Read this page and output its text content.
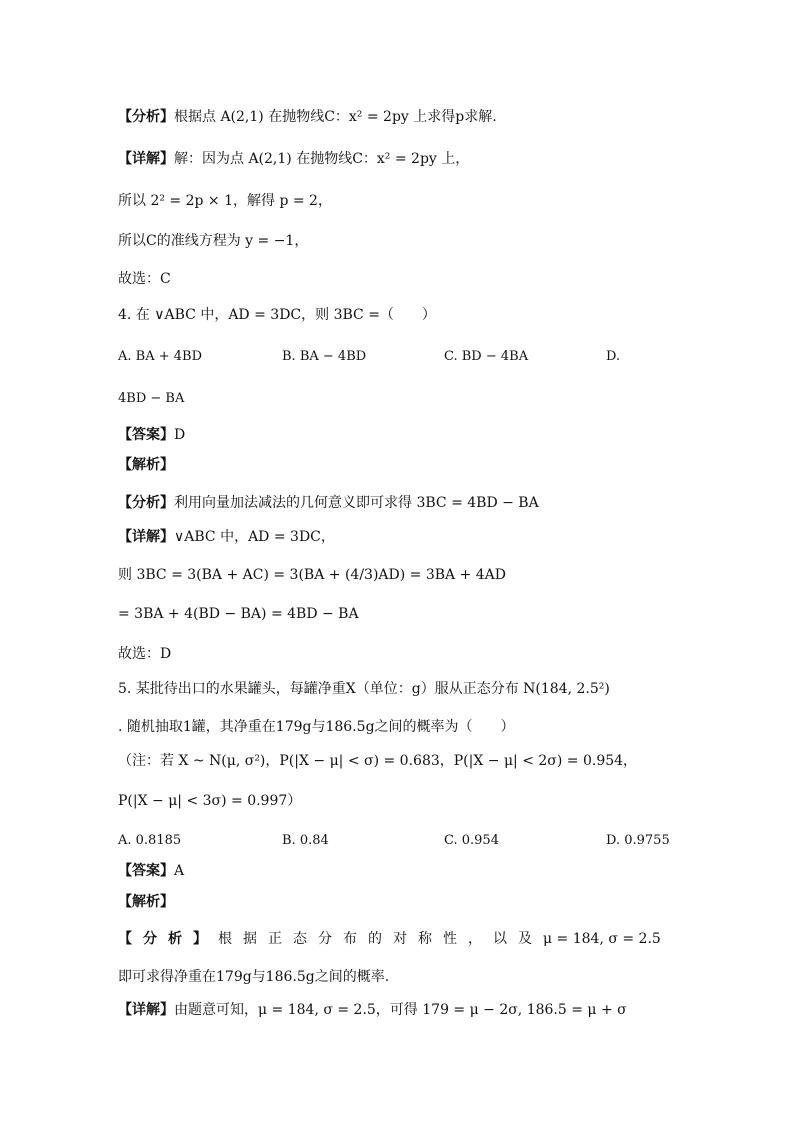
【分析】根据点 A(2,1) 在抛物线C：x² = 2py 上求得p求解.
【详解】解：因为点 A(2,1) 在抛物线C：x² = 2py 上，
所以 2² = 2p × 1，解得 p = 2，
所以C的准线方程为 y = −1，
故选：C
4. 在 ∨ABC 中，AD = 3DC，则 3BC =（　　）
A. BA + 4BD	B. BA − 4BD	C. BD − 4BA	D.
4BD − BA
【答案】D
【解析】
【分析】利用向量加法减法的几何意义即可求得 3BC = 4BD − BA
【详解】∨ABC 中，AD = 3DC，
则 3BC = 3(BA + AC) = 3(BA + (4/3)AD) = 3BA + 4AD
= 3BA + 4(BD − BA) = 4BD − BA
故选：D
5. 某批待出口的水果罐头，每罐净重X（单位：g）服从正态分布 N(184, 2.5²)
. 随机抽取1罐，其净重在179g与186.5g之间的概率为（　　）
（注：若 X ~ N(μ, σ²)，P(|X − μ| < σ) = 0.683，P(|X − μ| < 2σ) = 0.954，
P(|X − μ| < 3σ) = 0.997）
A. 0.8185	B. 0.84	C. 0.954	D. 0.9755
【答案】A
【解析】
【分析】根据正态分布的对称性，以及μ = 184, σ = 2.5
即可求得净重在179g与186.5g之间的概率.
【详解】由题意可知，μ = 184, σ = 2.5，可得 179 = μ − 2σ, 186.5 = μ + σ
